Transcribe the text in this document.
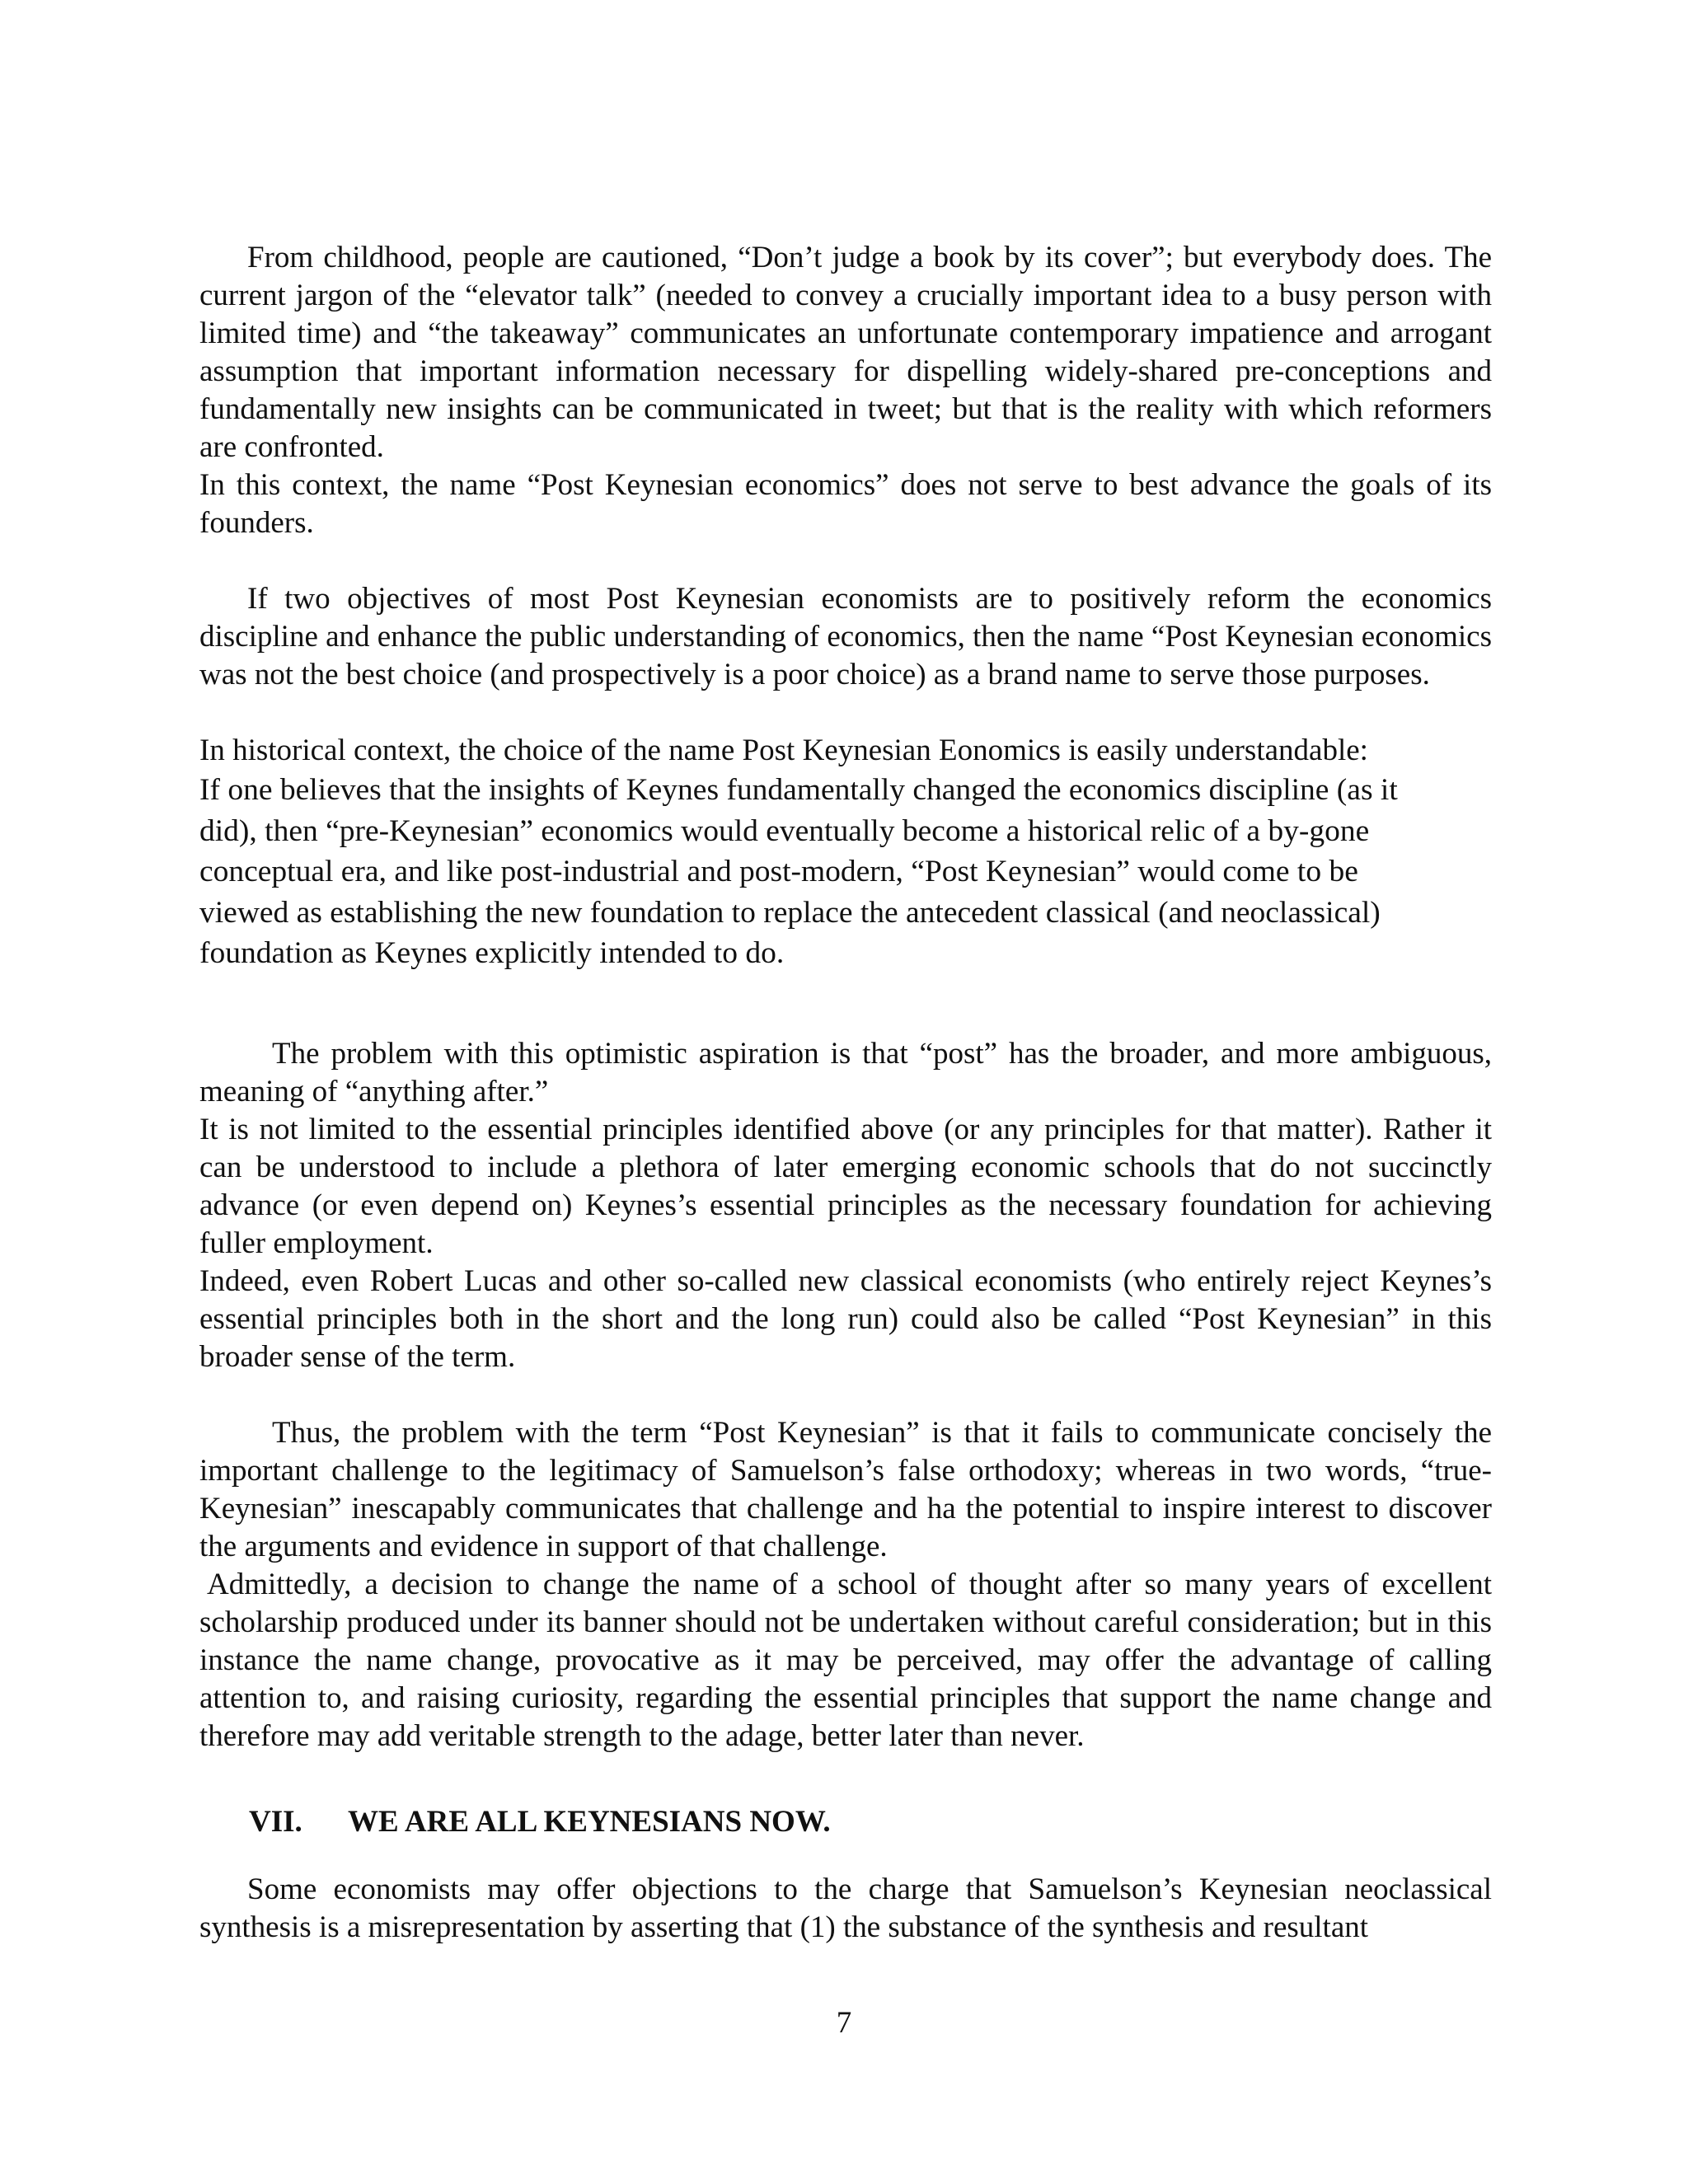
From childhood, people are cautioned, “Don’t judge a book by its cover”; but everybody does. The current jargon of the “elevator talk” (needed to convey a crucially important idea to a busy person with limited time) and “the takeaway” communicates an unfortunate contemporary impatience and arrogant assumption that important information necessary for dispelling widely-shared pre-conceptions and fundamentally new insights can be communicated in tweet; but that is the reality with which reformers are confronted.
In this context, the name “Post Keynesian economics” does not serve to best advance the goals of its founders.
If two objectives of most Post Keynesian economists are to positively reform the economics discipline and enhance the public understanding of economics, then the name “Post Keynesian economics was not the best choice (and prospectively is a poor choice) as a brand name to serve those purposes.
In historical context, the choice of the name Post Keynesian Eonomics is easily understandable:
If one believes that the insights of Keynes fundamentally changed the economics discipline (as it
did), then “pre-Keynesian” economics would eventually become a historical relic of a by-gone
conceptual era, and like post-industrial and post-modern, “Post Keynesian” would come to be
viewed as establishing the new foundation to replace the antecedent classical (and neoclassical)
foundation as Keynes explicitly intended to do.
The problem with this optimistic aspiration is that “post” has the broader, and more ambiguous, meaning of “anything after.”
It is not limited to the essential principles identified above (or any principles for that matter). Rather it can be understood to include a plethora of later emerging economic schools that do not succinctly advance (or even depend on) Keynes’s essential principles as the necessary foundation for achieving fuller employment.
Indeed, even Robert Lucas and other so-called new classical economists (who entirely reject Keynes’s essential principles both in the short and the long run) could also be called “Post Keynesian” in this broader sense of the term.
Thus, the problem with the term “Post Keynesian” is that it fails to communicate concisely the important challenge to the legitimacy of Samuelson’s false orthodoxy; whereas in two words, “true-Keynesian” inescapably communicates that challenge and ha the potential to inspire interest to discover the arguments and evidence in support of that challenge.
Admittedly, a decision to change the name of a school of thought after so many years of excellent scholarship produced under its banner should not be undertaken without careful consideration; but in this instance the name change, provocative as it may be perceived, may offer the advantage of calling attention to, and raising curiosity, regarding the essential principles that support the name change and therefore may add veritable strength to the adage, better later than never.
VII. WE ARE ALL KEYNESIANS NOW.
Some economists may offer objections to the charge that Samuelson’s Keynesian neoclassical synthesis is a misrepresentation by asserting that (1) the substance of the synthesis and resultant
7
